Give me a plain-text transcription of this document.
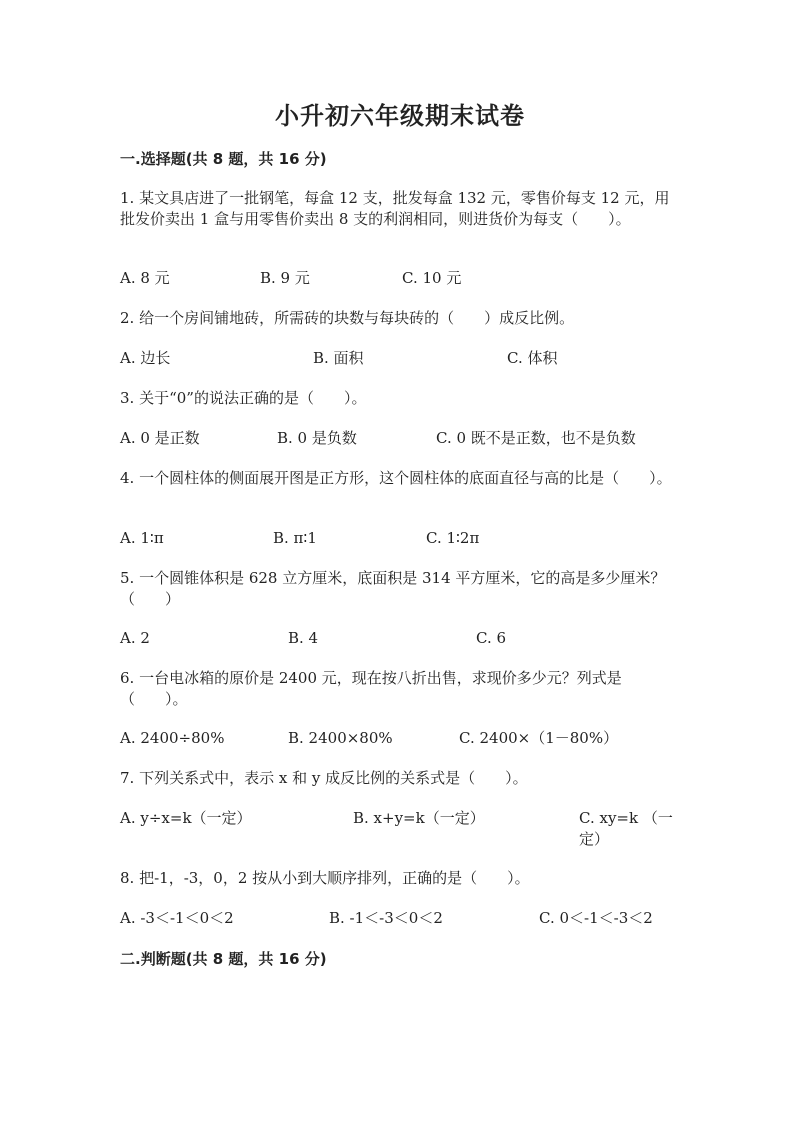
小升初六年级期末试卷
一.选择题(共 8 题，共 16 分)

1. 某文具店进了一批钢笔，每盒 12 支，批发每盒 132 元，零售价每支 12 元，用批发价卖出 1 盒与用零售价卖出 8 支的利润相同，则进货价为每支（　　）。

A. 8 元	B. 9 元	C. 10 元

2. 给一个房间铺地砖，所需砖的块数与每块砖的（　　）成反比例。

A. 边长	B. 面积	C. 体积

3. 关于“0”的说法正确的是（　　）。

A. 0 是正数	B. 0 是负数	C. 0 既不是正数，也不是负数

4. 一个圆柱体的侧面展开图是正方形，这个圆柱体的底面直径与高的比是（　　）。

A. 1∶π	B. π∶1	C. 1∶2π

5. 一个圆锥体积是 628 立方厘米，底面积是 314 平方厘米，它的高是多少厘米？（　　）

A. 2	B. 4	C. 6

6. 一台电冰箱的原价是 2400 元，现在按八折出售，求现价多少元？列式是（　　）。

A. 2400÷80%	B. 2400×80%	C. 2400×（1－80%）

7. 下列关系式中，表示 x 和 y 成反比例的关系式是（　　）。

A. y÷x=k（一定）	B. x+y=k（一定）	C. xy=k （一定）

8. 把-1，-3，0，2 按从小到大顺序排列，正确的是（　　）。

A. -3＜-1＜0＜2	B. -1＜-3＜0＜2	C. 0＜-1＜-3＜2
二.判断题(共 8 题，共 16 分)
